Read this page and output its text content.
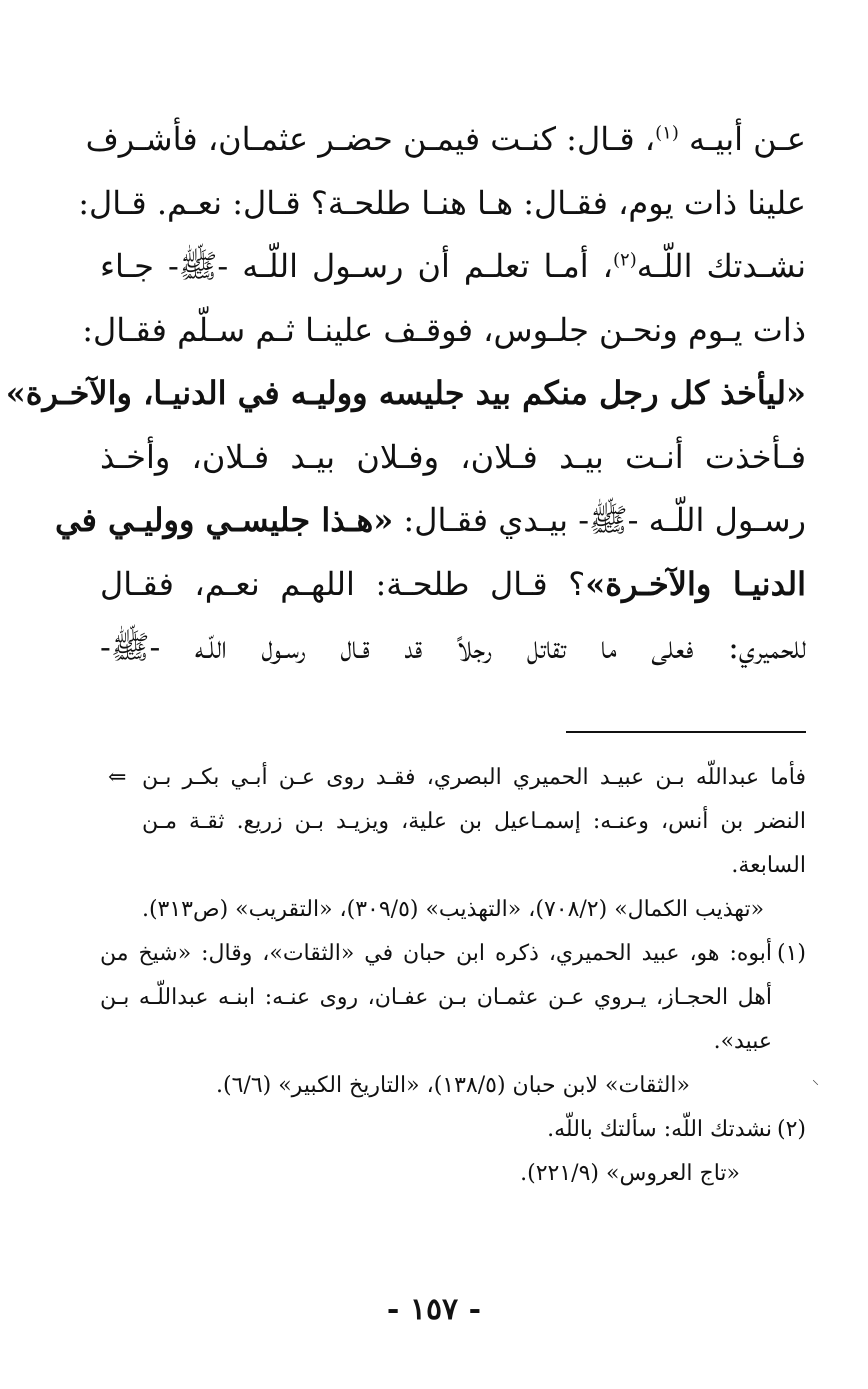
عـن أبيـه $^{(١)}$، قـال: كنـت فيمـن حضـر عثمـان، فأشـرف
علينا ذات يوم، فقـال: هـا هنـا طلحـة؟ قـال: نعـم. قـال:
نشـدتك اللّـه$^{(٢)}$، أمـا تعلـم أن رسـول اللّـه -ﷺ- جـاء
ذات يـوم ونحـن جلـوس، فوقـف علينـا ثـم سـلّم فقـال:
«ليأخذ كل رجل منكم بيد جليسه ووليـه في الدنيـا، والآخـرة»
فـأخذت أنـت بيـد فـلان، وفـلان بيـد فـلان، وأخـذ
رسـول اللّـه -ﷺ- بيـدي فقـال: «هـذا جليسـي ووليـي في
الدنيـا والآخـرة»؟ قـال طلحـة: اللهـم نعـم، فقـال
للحميري: فعلى ما تقاتل رجلاً قد قـال رسـول اللّـه -ﷺ-
فأما عبداللّه بـن عبيـد الحميري البصري، فقـد روى عـن أبـي بكـر بـن
⇐
النضر بن أنس، وعنـه: إسمـاعيل بن علية، ويزيـد بـن زريع. ثقـة مـن
السابعة.
«تهذيب الكمال» (٧٠٨/٢)، «التهذيب» (٣٠٩/٥)، «التقريب» (ص٣١٣).
(١)
أبوه: هو، عبيد الحميري، ذكره ابن حبان في «الثقات»، وقال: «شيخ من
أهل الحجـاز، يـروي عـن عثمـان بـن عفـان، روى عنـه: ابنـه عبداللّـه بـن
عبيد».
«الثقات» لابن حبان (١٣٨/٥)، «التاريخ الكبير» (٦/٦).
(٢)
نشدتك اللّه: سألتك باللّه.
«تاج العروس» (٢٢١/٩).
⸝
- ١٥٧ -
